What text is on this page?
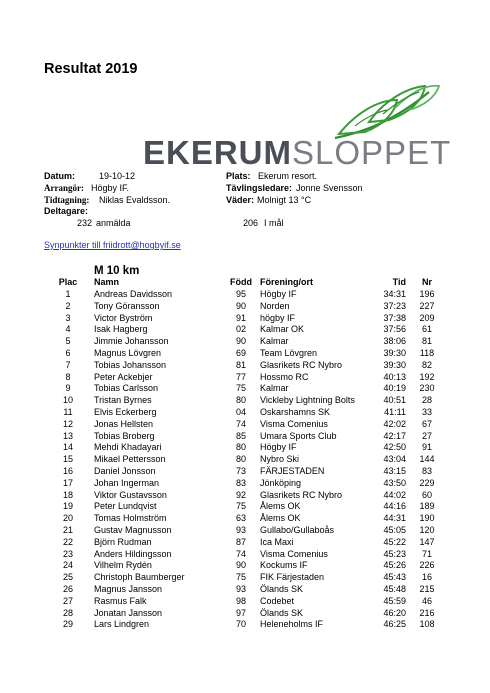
Resultat 2019
EKERUMSLOPPET
Datum:	19-10-12	Plats: Ekerum resort.
Arrangör: Högby IF.	Tävlingsledare: Jonne Svensson
Tidtagning: Niklas Evaldsson.	Väder: Molnigt 13 °C
Deltagare:
232 anmälda	206 I mål
Synpunkter till friidrott@hogbyif.se
M 10 km
Plac	Namn	Född Förening/ort	Tid	Nr
1	Andreas Davidsson	95	Högby IF	34:31	196
2	Tony Göransson	90	Norden	37:23	227
3	Victor Byström	91	högby IF	37:38	209
4	Isak Hagberg	02	Kalmar OK	37:56	61
5	Jimmie Johansson	90	Kalmar	38:06	81
6	Magnus Lövgren	69	Team Lövgren	39:30	118
7	Tobias Johansson	81	Glasrikets RC Nybro	39:30	82
8	Peter Ackebjer	77	Hossmo RC	40:13	192
9	Tobias Carlsson	75	Kalmar	40:19	230
10	Tristan Byrnes	80	Vickleby Lightning Bolts	40:51	28
11	Elvis Eckerberg	04	Oskarshamns SK	41:11	33
12	Jonas Hellsten	74	Visma Comenius	42:02	67
13	Tobias Broberg	85	Umara Sports Club	42:17	27
14	Mehdi Khadayari	80	Högby IF	42:50	91
15	Mikael Pettersson	80	Nybro Ski	43:04	144
16	Daniel Jonsson	73	FÄRJESTADEN	43:15	83
17	Johan Ingerman	83	Jönköping	43:50	229
18	Viktor Gustavsson	92	Glasrikets RC Nybro	44:02	60
19	Peter Lundqvist	75	Ålems OK	44:16	189
20	Tomas Holmström	63	Ålems OK	44:31	190
21	Gustav Magnusson	93	Gullabo/Gullaboås	45:05	120
22	Björn Rudman	87	Ica Maxi	45:22	147
23	Anders Hildingsson	74	Visma Comenius	45:23	71
24	Vilhelm Rydén	90	Kockums IF	45:26	226
25	Christoph Baumberger	75	FIK Färjestaden	45:43	16
26	Magnus Jansson	93	Ölands SK	45:48	215
27	Rasmus Falk	98	Codebet	45:59	46
28	Jonatan Jansson	97	Ölands SK	46:20	216
29	Lars Lindgren	70	Heleneholms IF	46:25	108
